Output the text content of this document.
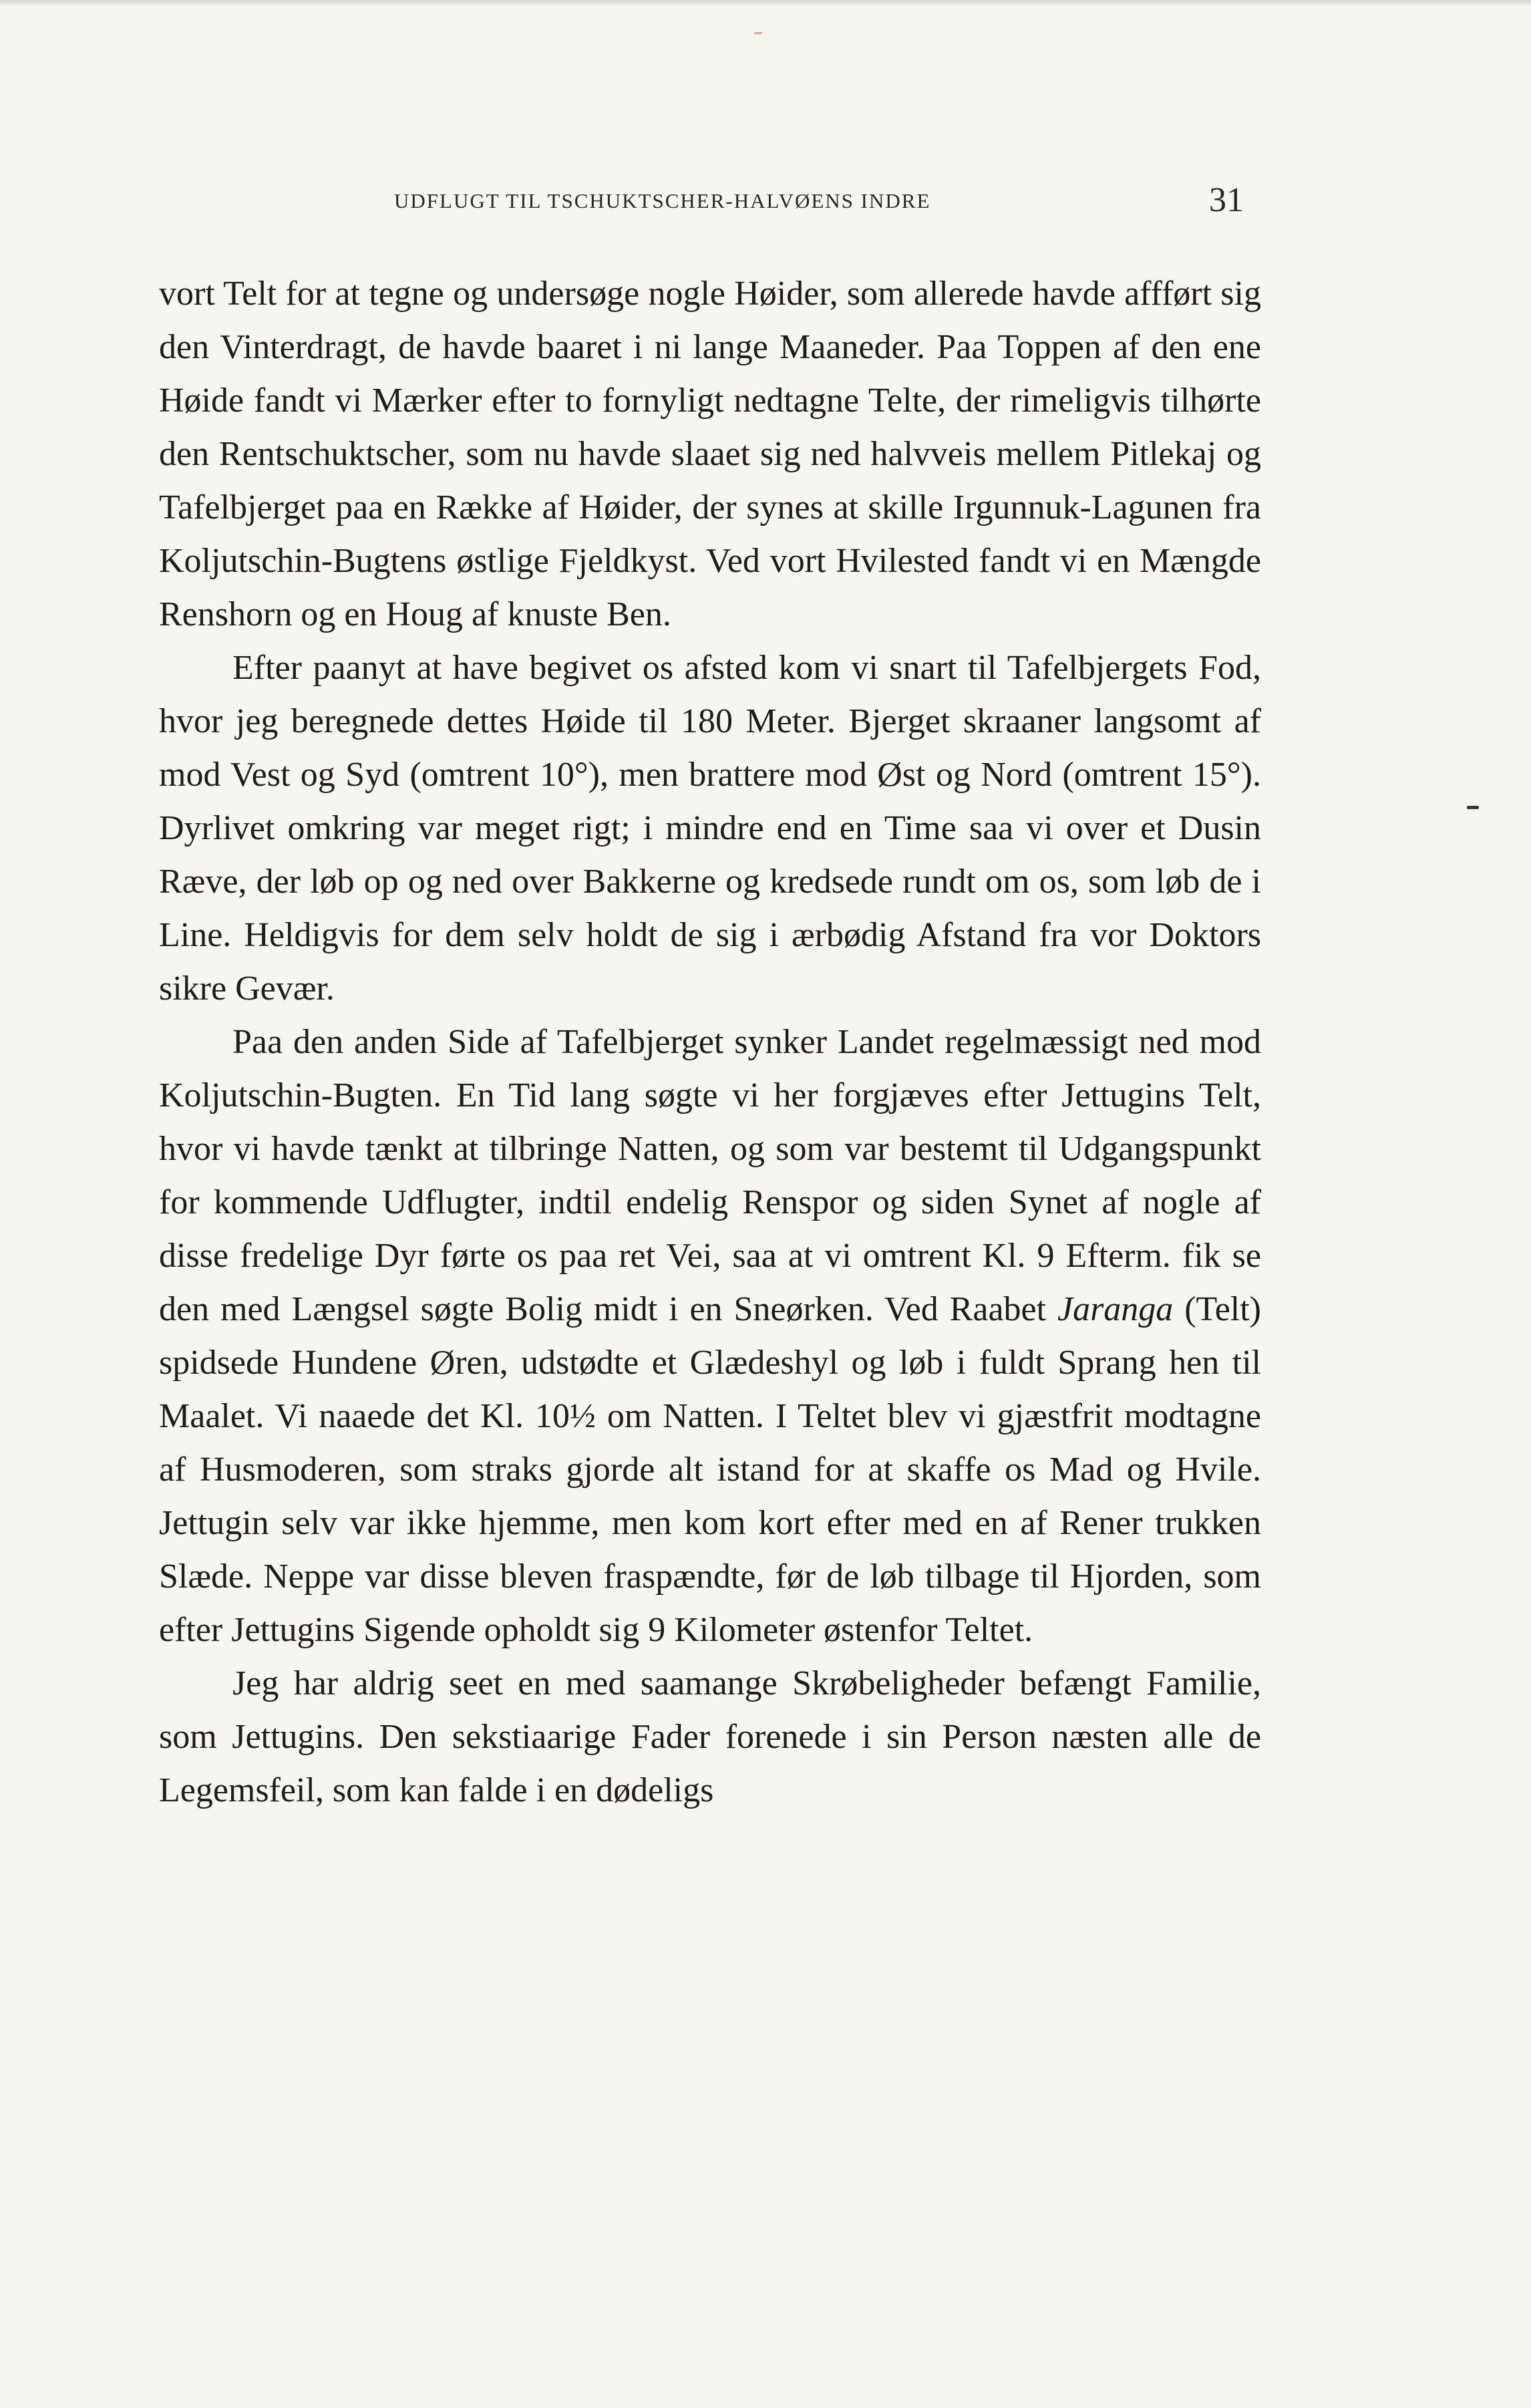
UDFLUGT TIL TSCHUKTSCHER-HALVØENS INDRE	31

vort Telt for at tegne og undersøge nogle Høider, som allerede havde affført sig den Vinterdragt, de havde baaret i ni lange Maaneder. Paa Toppen af den ene Høide fandt vi Mærker efter to fornyligt nedtagne Telte, der rimeligvis tilhørte den Rentschuktscher, som nu havde slaaet sig ned halvveis mellem Pitlekaj og Tafelbjerget paa en Række af Høider, der synes at skille Irgunnuk-Lagunen fra Koljutschin-Bugtens østlige Fjeldkyst. Ved vort Hvilested fandt vi en Mængde Renshorn og en Houg af knuste Ben.

Efter paanyt at have begivet os afsted kom vi snart til Tafelbjergets Fod, hvor jeg beregnede dettes Høide til 180 Meter. Bjerget skraaner langsomt af mod Vest og Syd (omtrent 10°), men brattere mod Øst og Nord (omtrent 15°). Dyrlivet omkring var meget rigt; i mindre end en Time saa vi over et Dusin Ræve, der løb op og ned over Bakkerne og kredsede rundt om os, som løb de i Line. Heldigvis for dem selv holdt de sig i ærbødig Afstand fra vor Doktors sikre Gevær.

Paa den anden Side af Tafelbjerget synker Landet regelmæssigt ned mod Koljutschin-Bugten. En Tid lang søgte vi her forgjæves efter Jettugins Telt, hvor vi havde tænkt at tilbringe Natten, og som var bestemt til Udgangspunkt for kommende Udflugter, indtil endelig Renspor og siden Synet af nogle af disse fredelige Dyr førte os paa ret Vei, saa at vi omtrent Kl. 9 Efterm. fik se den med Længsel søgte Bolig midt i en Sneørken. Ved Raabet Jaranga (Telt) spidsede Hundene Øren, udstødte et Glædeshyl og løb i fuldt Sprang hen til Maalet. Vi naaede det Kl. 10½ om Natten. I Teltet blev vi gjæstfrit modtagne af Husmoderen, som straks gjorde alt istand for at skaffe os Mad og Hvile. Jettugin selv var ikke hjemme, men kom kort efter med en af Rener trukken Slæde. Neppe var disse bleven fraspændte, før de løb tilbage til Hjorden, som efter Jettugins Sigende opholdt sig 9 Kilometer østenfor Teltet.

Jeg har aldrig seet en med saamange Skrøbeligheder befængt Familie, som Jettugins. Den sekstiaarige Fader forenede i sin Person næsten alle de Legemsfeil, som kan falde i en dødeligs
